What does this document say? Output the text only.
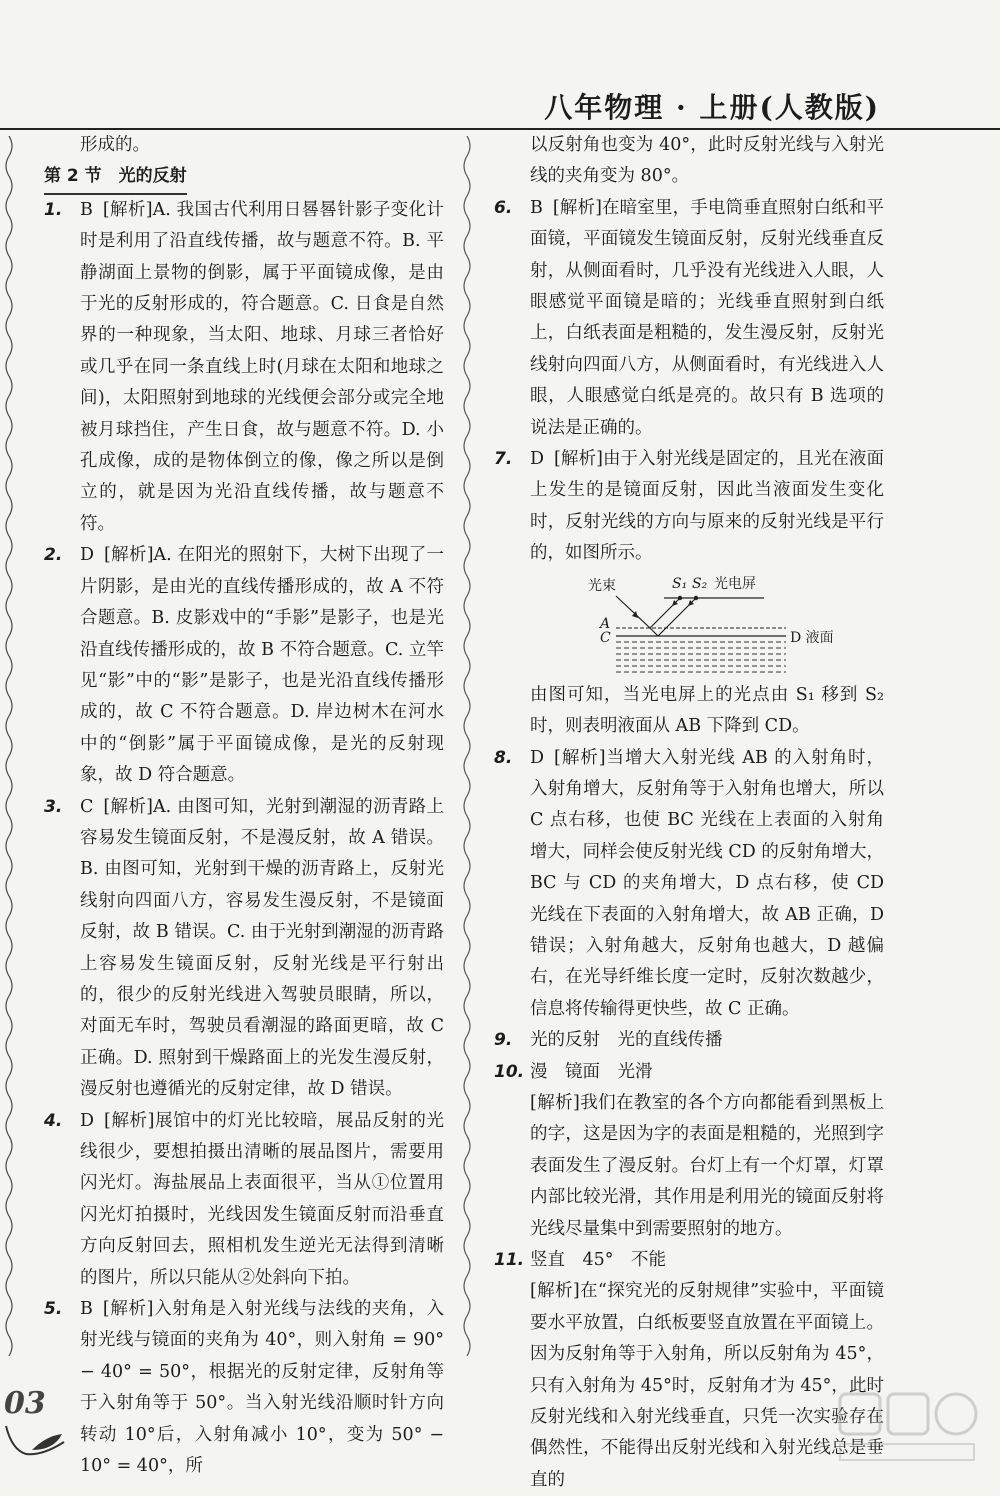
八年物理 · 上册(人教版)
形成的。
第 2 节　光的反射
1. B [解析]A. 我国古代利用日晷晷针影子变化计时是利用了沿直线传播，故与题意不符。B. 平静湖面上景物的倒影，属于平面镜成像，是由于光的反射形成的，符合题意。C. 日食是自然界的一种现象，当太阳、地球、月球三者恰好或几乎在同一条直线上时(月球在太阳和地球之间)，太阳照射到地球的光线便会部分或完全地被月球挡住，产生日食，故与题意不符。D. 小孔成像，成的是物体倒立的像，像之所以是倒立的，就是因为光沿直线传播，故与题意不符。
2. D [解析]A. 在阳光的照射下，大树下出现了一片阴影，是由光的直线传播形成的，故 A 不符合题意。B. 皮影戏中的“手影”是影子，也是光沿直线传播形成的，故 B 不符合题意。C. 立竿见“影”中的“影”是影子，也是光沿直线传播形成的，故 C 不符合题意。D. 岸边树木在河水中的“倒影”属于平面镜成像，是光的反射现象，故 D 符合题意。
3. C [解析]A. 由图可知，光射到潮湿的沥青路上容易发生镜面反射，不是漫反射，故 A 错误。B. 由图可知，光射到干燥的沥青路上，反射光线射向四面八方，容易发生漫反射，不是镜面反射，故 B 错误。C. 由于光射到潮湿的沥青路上容易发生镜面反射，反射光线是平行射出的，很少的反射光线进入驾驶员眼睛，所以，对面无车时，驾驶员看潮湿的路面更暗，故 C 正确。D. 照射到干燥路面上的光发生漫反射，漫反射也遵循光的反射定律，故 D 错误。
4. D [解析]展馆中的灯光比较暗，展品反射的光线很少，要想拍摄出清晰的展品图片，需要用闪光灯。海盐展品上表面很平，当从①位置用闪光灯拍摄时，光线因发生镜面反射而沿垂直方向反射回去，照相机发生逆光无法得到清晰的图片，所以只能从②处斜向下拍。
5. B [解析]入射角是入射光线与法线的夹角，入射光线与镜面的夹角为 40°，则入射角 = 90° − 40° = 50°，根据光的反射定律，反射角等于入射角等于 50°。当入射光线沿顺时针方向转动 10°后，入射角减小 10°，变为 50° − 10° = 40°，所
以反射角也变为 40°，此时反射光线与入射光线的夹角变为 80°。
6. B [解析]在暗室里，手电筒垂直照射白纸和平面镜，平面镜发生镜面反射，反射光线垂直反射，从侧面看时，几乎没有光线进入人眼，人眼感觉平面镜是暗的；光线垂直照射到白纸上，白纸表面是粗糙的，发生漫反射，反射光线射向四面八方，从侧面看时，有光线进入人眼，人眼感觉白纸是亮的。故只有 B 选项的说法是正确的。
7. D [解析]由于入射光线是固定的，且光在液面上发生的是镜面反射，因此当液面发生变化时，反射光线的方向与原来的反射光线是平行的，如图所示。
光束	S₁ S₂ 光电屏
A
C	D 液面
由图可知，当光电屏上的光点由 S₁ 移到 S₂ 时，则表明液面从 AB 下降到 CD。
8. D [解析]当增大入射光线 AB 的入射角时，入射角增大，反射角等于入射角也增大，所以 C 点右移，也使 BC 光线在上表面的入射角增大，同样会使反射光线 CD 的反射角增大，BC 与 CD 的夹角增大，D 点右移，使 CD 光线在下表面的入射角增大，故 AB 正确，D 错误；入射角越大，反射角也越大，D 越偏右，在光导纤维长度一定时，反射次数越少，信息将传输得更快些，故 C 正确。
9. 光的反射　光的直线传播
10. 漫　镜面　光滑
[解析]我们在教室的各个方向都能看到黑板上的字，这是因为字的表面是粗糙的，光照到字表面发生了漫反射。台灯上有一个灯罩，灯罩内部比较光滑，其作用是利用光的镜面反射将光线尽量集中到需要照射的地方。
11. 竖直　45°　不能
[解析]在“探究光的反射规律”实验中，平面镜要水平放置，白纸板要竖直放置在平面镜上。因为反射角等于入射角，所以反射角为 45°，只有入射角为 45°时，反射角才为 45°，此时反射光线和入射光线垂直，只凭一次实验存在偶然性，不能得出反射光线和入射光线总是垂直的
03
